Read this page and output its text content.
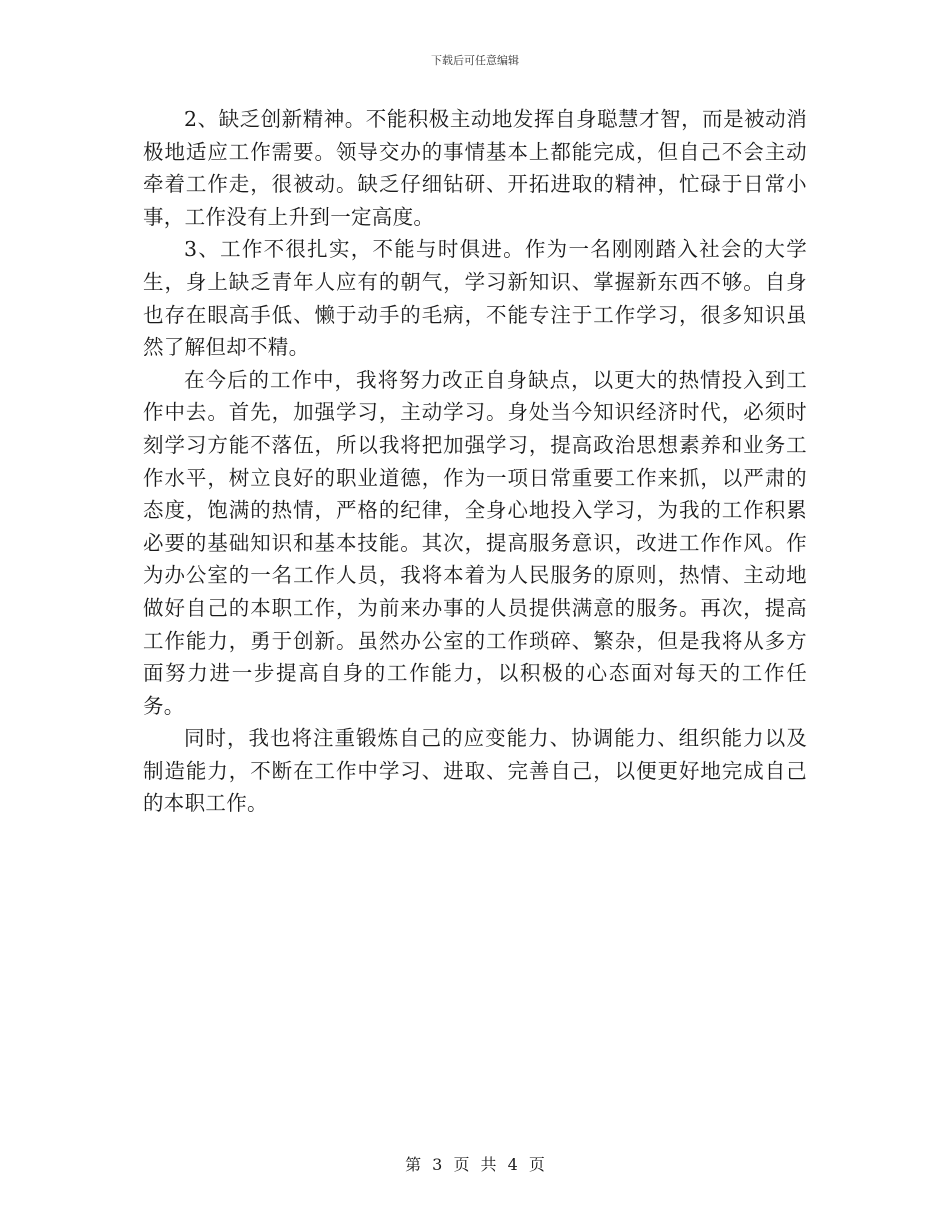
下载后可任意编辑

2、缺乏创新精神。不能积极主动地发挥自身聪慧才智，而是被动消极地适应工作需要。领导交办的事情基本上都能完成，但自己不会主动牵着工作走，很被动。缺乏仔细钻研、开拓进取的精神，忙碌于日常小事，工作没有上升到一定高度。

3、工作不很扎实，不能与时俱进。作为一名刚刚踏入社会的大学生，身上缺乏青年人应有的朝气，学习新知识、掌握新东西不够。自身也存在眼高手低、懒于动手的毛病，不能专注于工作学习，很多知识虽然了解但却不精。

在今后的工作中，我将努力改正自身缺点，以更大的热情投入到工作中去。首先，加强学习，主动学习。身处当今知识经济时代，必须时刻学习方能不落伍，所以我将把加强学习，提高政治思想素养和业务工作水平，树立良好的职业道德，作为一项日常重要工作来抓，以严肃的态度，饱满的热情，严格的纪律，全身心地投入学习，为我的工作积累必要的基础知识和基本技能。其次，提高服务意识，改进工作作风。作为办公室的一名工作人员，我将本着为人民服务的原则，热情、主动地做好自己的本职工作，为前来办事的人员提供满意的服务。再次，提高工作能力，勇于创新。虽然办公室的工作琐碎、繁杂，但是我将从多方面努力进一步提高自身的工作能力，以积极的心态面对每天的工作任务。

同时，我也将注重锻炼自己的应变能力、协调能力、组织能力以及制造能力，不断在工作中学习、进取、完善自己，以便更好地完成自己的本职工作。

第 3 页 共 4 页
